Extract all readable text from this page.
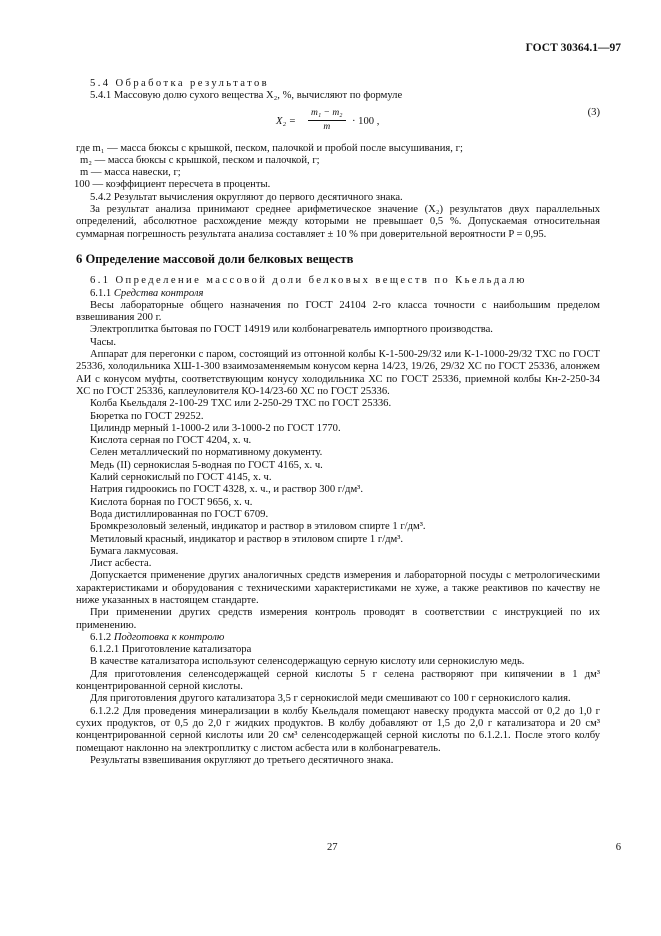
ГОСТ 30364.1—97

5.4 Обработка результатов

5.4.1 Массовую долю сухого вещества X₂, %, вычисляют по формуле

$X_2 = \frac{\text{m₁ − m₂}}{m} \cdot 100$ ,
(3)

где m₁ — масса бюксы с крышкой, песком, палочкой и пробой после высушивания, г;

m₂ — масса бюксы с крышкой, песком и палочкой, г;

m — масса навески, г;

100 — коэффициент пересчета в проценты.

5.4.2 Результат вычисления округляют до первого десятичного знака.

За результат анализа принимают среднее арифметическое значение (X₂) результатов двух параллельных определений, абсолютное расхождение между которыми не превышает 0,5 %. Допускаемая относительная суммарная погрешность результата анализа составляет ± 10 % при доверительной вероятности P = 0,95.

6 Определение массовой доли белковых веществ

6.1 Определение массовой доли белковых веществ по Кьельдалю

6.1.1 Средства контроля

Весы лабораторные общего назначения по ГОСТ 24104 2-го класса точности с наибольшим пределом взвешивания 200 г.

Электроплитка бытовая по ГОСТ 14919 или колбонагреватель импортного производства.

Часы.

Аппарат для перегонки с паром, состоящий из отгонной колбы К-1-500-29/32 или К-1-1000-29/32 ТХС по ГОСТ 25336, холодильника ХШ-1-300 взаимозаменяемым конусом керна 14/23, 19/26, 29/32 ХС по ГОСТ 25336, алонжем АИ с конусом муфты, соответствующим конусу холодильника ХС по ГОСТ 25336, приемной колбы Кн-2-250-34 ХС по ГОСТ 25336, каплеуловителя КО-14/23-60 ХС по ГОСТ 25336.

Колба Кьельдаля 2-100-29 ТХС или 2-250-29 ТХС по ГОСТ 25336.

Бюретка по ГОСТ 29252.

Цилиндр мерный 1-1000-2 или 3-1000-2 по ГОСТ 1770.

Кислота серная по ГОСТ 4204, х. ч.

Селен металлический по нормативному документу.

Медь (II) сернокислая 5-водная по ГОСТ 4165, х. ч.

Калий сернокислый по ГОСТ 4145, х. ч.

Натрия гидроокись по ГОСТ 4328, х. ч., и раствор 300 г/дм³.

Кислота борная по ГОСТ 9656, х. ч.

Вода дистиллированная по ГОСТ 6709.

Бромкрезоловый зеленый, индикатор и раствор в этиловом спирте 1 г/дм³.

Метиловый красный, индикатор и раствор в этиловом спирте 1 г/дм³.

Бумага лакмусовая.

Лист асбеста.

Допускается применение других аналогичных средств измерения и лабораторной посуды с метрологическими характеристиками и оборудования с техническими характеристиками не хуже, а также реактивов по качеству не ниже указанных в настоящем стандарте.

При применении других средств измерения контроль проводят в соответствии с инструкцией по их применению.

6.1.2 Подготовка к контролю

6.1.2.1 Приготовление катализатора

В качестве катализатора используют селенсодержащую серную кислоту или сернокислую медь.

Для приготовления селенсодержащей серной кислоты 5 г селена растворяют при кипячении в 1 дм³ концентрированной серной кислоты.

Для приготовления другого катализатора 3,5 г сернокислой меди смешивают со 100 г сернокислого калия.

6.1.2.2 Для проведения минерализации в колбу Кьельдаля помещают навеску продукта массой от 0,2 до 1,0 г сухих продуктов, от 0,5 до 2,0 г жидких продуктов. В колбу добавляют от 1,5 до 2,0 г катализатора и 20 см³ концентрированной серной кислоты или 20 см³ селенсодержащей серной кислоты по 6.1.2.1. После этого колбу помещают наклонно на электроплитку с листом асбеста или в колбонагреватель.

Результаты взвешивания округляют до третьего десятичного знака.

27	6
